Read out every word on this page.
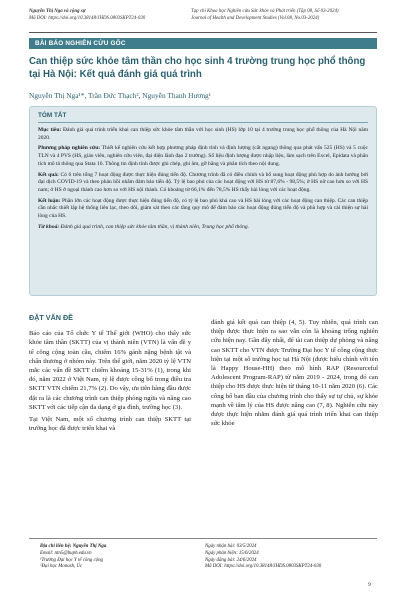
Nguyễn Thị Nga và cộng sự	Tạp chí Khoa học Nghiên cứu Sức khỏe và Phát triển (Tập 08, Số 03-2024)
Mã DOI: https://doi.org/10.38148/JHDS.0803SKPT24-030	Journal of Health and Development Studies (Vol.08, No.03-2024)
BÀI BÁO NGHIÊN CỨU GỐC
Can thiệp sức khỏe tâm thần cho học sinh 4 trường trung học phổ thông tại Hà Nội: Kết quả đánh giá quá trình
Nguyễn Thị Nga¹*, Trần Đức Thạch², Nguyễn Thanh Hương¹
TÓM TẮT

Mục tiêu: Đánh giá quá trình triển khai can thiệp sức khỏe tâm thần với học sinh (HS) lớp 10 tại 4 trường trung học phổ thông của Hà Nội năm 2020.

Phương pháp nghiên cứu: Thiết kế nghiên cứu kết hợp phương pháp định tính và định lượng (cắt ngang) thông qua phát vấn 525 (HS) và 5 cuộc TLN và 4 PVS (HS, giáo viên, nghiên cứu viên, đại diện lãnh đạo 2 trường). Số liệu định lượng được nhập liệu, làm sạch trên Excel, Epidata và phân tích mô tả thông qua Stata 16. Thông tin định tính được ghi chép, ghi âm, gỡ băng và phân tích theo nội dung.

Kết quả: Có 6 trên tổng 7 hoạt động được thực hiện đúng tiến độ. Chương trình đã có điều chỉnh và bổ sung hoạt động phù hợp do ảnh hưởng bởi đại dịch COVID-19 và theo phản hồi nhằm đảm bảo tiến độ. Tỷ lệ bao phủ của các hoạt động với HS từ 87,6% - 98,5%; ở HS nữ cao hơn so với HS nam; ở HS ở ngoại thành cao hơn so với HS nội thành. Có khoảng từ 66,1% đến 78,5% HS thấy hài lòng với các hoạt động.

Kết luận: Phần lớn các hoạt động được thực hiện đúng tiến độ, có tỷ lệ bao phủ khá cao và HS hài lòng với các hoạt động can thiệp. Các can thiệp cần nhắc thiết lập hệ thống liên lạc, theo dõi, giám sát theo các tầng quy mô để đảm bảo các hoạt động đúng tiến độ và phù hợp và cải thiện sự hài lòng của HS.

Từ khoá: Đánh giá quá trình, can thiệp sức khỏe tâm thần, vị thành niên, Trung học phổ thông.

ĐẶT VẤN ĐỀ

Báo cáo của Tổ chức Y tế Thế giới (WHO) cho thấy sức khỏe tâm thần (SKTT) của vị thành niên (VTN) là vấn đề y tế công cộng toàn cầu, chiếm 16% gánh nặng bệnh tật và chấn thương ở nhóm này. Trên thế giới, năm 2020 tỷ lệ VTN mắc các vấn đề SKTT chiếm khoảng 15-31% (1), trong khi đó, năm 2022 ở Việt Nam, tỷ lệ được công bố trong điều tra SKTT VTN chiếm 21,7% (2). Do vậy, ưu tiên hàng đầu được đặt ra là các chương trình can thiệp phòng ngừa và nâng cao SKTT với các tiếp cận đa dạng ở gia đình, trường học (3).

Tại Việt Nam, một số chương trình can thiệp SKTT tại trường học đã được triển khai và

đánh giá kết quả can thiệp (4, 5). Tuy nhiên, quá trình can thiệp được thực hiện ra sao vẫn còn là khoảng trống nghiên cứu hiện nay. Gần đây nhất, để tài can thiệp dự phòng và nâng cao SKTT cho VTN được Trường Đại học Y tế công cộng thực hiện tại một số trường học tại Hà Nội (được hiểu chính với tên là Happy House-HH) theo mô hình RAP (Resourceful Adolescent Program-RAP) từ năm 2019 - 2024, trong đó can thiệp cho HS được thực hiện từ tháng 10-11 năm 2020 (6). Các công bố ban đầu của chương trình cho thấy sự tự chủ, sự khỏe mạnh về tâm lý của HS được nâng cao (7, 8). Nghiên cứu này được thực hiện nhằm đánh giá quá trình triển khai can thiệp sức khỏe

Địa chỉ liên hệ: Nguyễn Thị Nga
Email: ntn5@huph.edu.vn
¹Trường Đại học Y tế công cộng
²Đại học Monash, Úc
Ngày nhận bài: 03/5/2024
Ngày phản biện: 15/6/2024
Ngày đăng bài: 24/6/2024
Mã DOI: https://doi.org/10.38148/JHDS.0803SKPT24-030
9
